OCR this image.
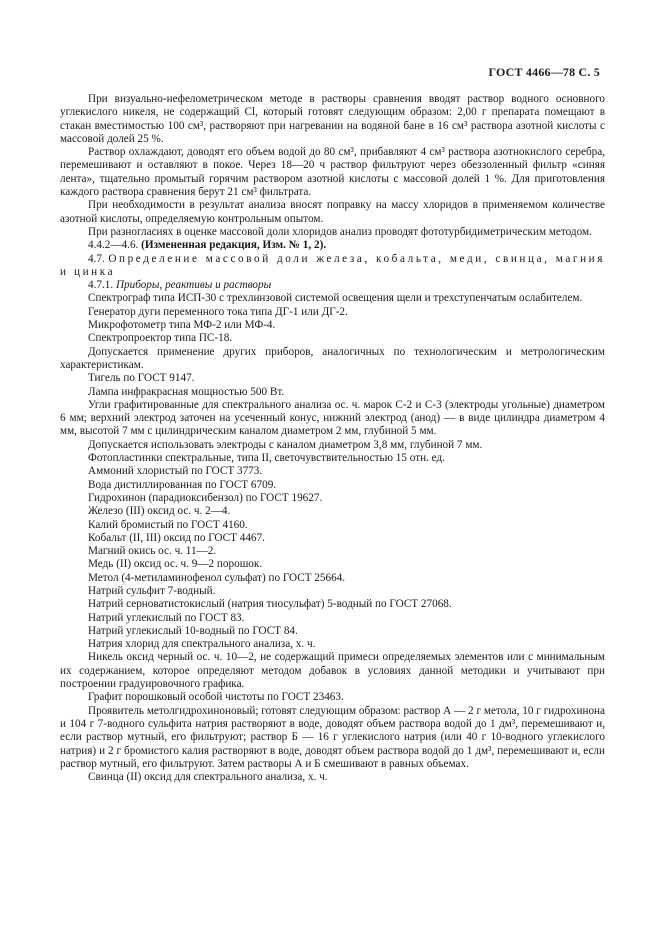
ГОСТ 4466—78 С. 5

При визуально-нефелометрическом методе в растворы сравнения вводят раствор водного основного углекислого никеля, не содержащий Cl, который готовят следующим образом: 2,00 г препарата помещают в стакан вместимостью 100 см³, растворяют при нагревании на водяной бане в 16 см³ раствора азотной кислоты с массовой долей 25 %.

Раствор охлаждают, доводят его объем водой до 80 см³, прибавляют 4 см³ раствора азотнокислого серебра, перемешивают и оставляют в покое. Через 18—20 ч раствор фильтруют через обеззоленный фильтр «синяя лента», тщательно промытый горячим раствором азотной кислоты с массовой долей 1 %. Для приготовления каждого раствора сравнения берут 21 см³ фильтрата.

При необходимости в результат анализа вносят поправку на массу хлоридов в применяемом количестве азотной кислоты, определяемую контрольным опытом.

При разногласиях в оценке массовой доли хлоридов анализ проводят фототурбидиметрическим методом.

4.4.2—4.6. (Измененная редакция, Изм. № 1, 2).

4.7. Определение массовой доли железа, кобальта, меди, свинца, магния и цинка

4.7.1. Приборы, реактивы и растворы

Спектрограф типа ИСП-30 с трехлинзовой системой освещения щели и трехступенчатым ослабителем.

Генератор дуги переменного тока типа ДГ-1 или ДГ-2.

Микрофотометр типа МФ-2 или МФ-4.

Спектропроектор типа ПС-18.

Допускается применение других приборов, аналогичных по технологическим и метрологическим характеристикам.

Тигель по ГОСТ 9147.

Лампа инфракрасная мощностью 500 Вт.

Угли графитированные для спектрального анализа ос. ч. марок С-2 и С-3 (электроды угольные) диаметром 6 мм; верхний электрод заточен на усеченный конус, нижний электрод (анод) — в виде цилиндра диаметром 4 мм, высотой 7 мм с цилиндрическим каналом диаметром 2 мм, глубиной 5 мм.

Допускается использовать электроды с каналом диаметром 3,8 мм, глубиной 7 мм.

Фотопластинки спектральные, типа II, светочувствительностью 15 отн. ед.

Аммоний хлористый по ГОСТ 3773.

Вода дистиллированная по ГОСТ 6709.

Гидрохинон (парадиоксибензол) по ГОСТ 19627.

Железо (III) оксид ос. ч. 2—4.

Калий бромистый по ГОСТ 4160.

Кобальт (II, III) оксид по ГОСТ 4467.

Магний окись ос. ч. 11—2.

Медь (II) оксид ос. ч. 9—2 порошок.

Метол (4-метиламинофенол сульфат) по ГОСТ 25664.

Натрий сульфит 7-водный.

Натрий серноватистокислый (натрия тиосульфат) 5-водный по ГОСТ 27068.

Натрий углекислый по ГОСТ 83.

Натрий углекислый 10-водный по ГОСТ 84.

Натрия хлорид для спектрального анализа, х. ч.

Никель оксид черный ос. ч. 10—2, не содержащий примеси определяемых элементов или с минимальным их содержанием, которое определяют методом добавок в условиях данной методики и учитывают при построении градуировочного графика.

Графит порошковый особой чистоты по ГОСТ 23463.

Проявитель метолгидрохиноновый; готовят следующим образом: раствор А — 2 г метола, 10 г гидрохинона и 104 г 7-водного сульфита натрия растворяют в воде, доводят объем раствора водой до 1 дм³, перемешивают и, если раствор мутный, его фильтруют; раствор Б — 16 г углекислого натрия (или 40 г 10-водного углекислого натрия) и 2 г бромистого калия растворяют в воде, доводят объем раствора водой до 1 дм³, перемешивают и, если раствор мутный, его фильтруют. Затем растворы А и Б смешивают в равных объемах.

Свинца (II) оксид для спектрального анализа, х. ч.
